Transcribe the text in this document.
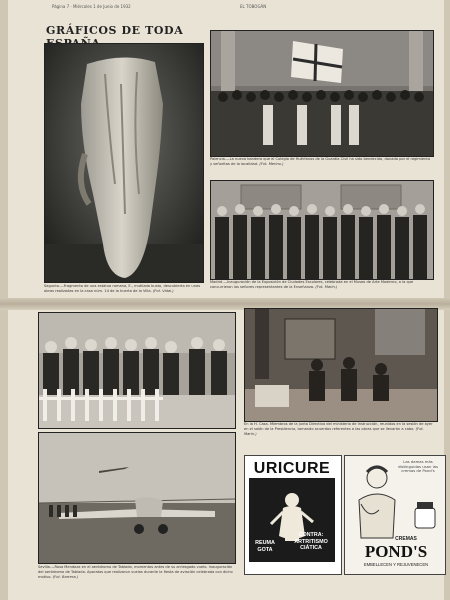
Página 7 · Miércoles 1 de Junio de 1932	EL TOBOGÁN
GRÁFICOS DE TODA
Sagunto.—Fragmento de una estatua romana, E., mutilada busto, descubierta en unas obras realizadas en la casa núm. 14 de la huerta de la Villa. (Fot. Vidal.)
Palencia.—La nueva bandera que el Colegio de Huérfanos de la Guardia Civil ha sido bendecida, donada por el regimiento y señoritas de la localidad. (Fot. Merino.)
Madrid.—Inauguración de la Exposición de Ciudades Escolares, celebrada en el Museo de Arte Moderno, a la que concurrieron los señores representantes de la Enseñanza. (Fot. Marín.)
Sevilla.—Rosa Mendoza en el aeródromo de Tablada, momentos antes de su arriesgado vuelo. Inauguración del aeródromo de Tablada. Aparatos que realizaron vuelos durante la fiesta de aviación celebrada con dicho motivo. (Fot. Barrera.)
En la H. Casa. Miembros de la Junta Directiva del ministerio de Instrucción, reunidos en la sesión de ayer en el salón de la Presidencia, tomando acuerdos referentes a las obras que se llevarán a cabo. (Fot. Marín.)
URICURE
REUMA GOTA
CONTRA: ARTRITISMO CIÁTICA
Las damas más distinguidas usan las cremas de Pond's
CREMAS
POND'S
EMBELLECEN Y REJUVENECEN
